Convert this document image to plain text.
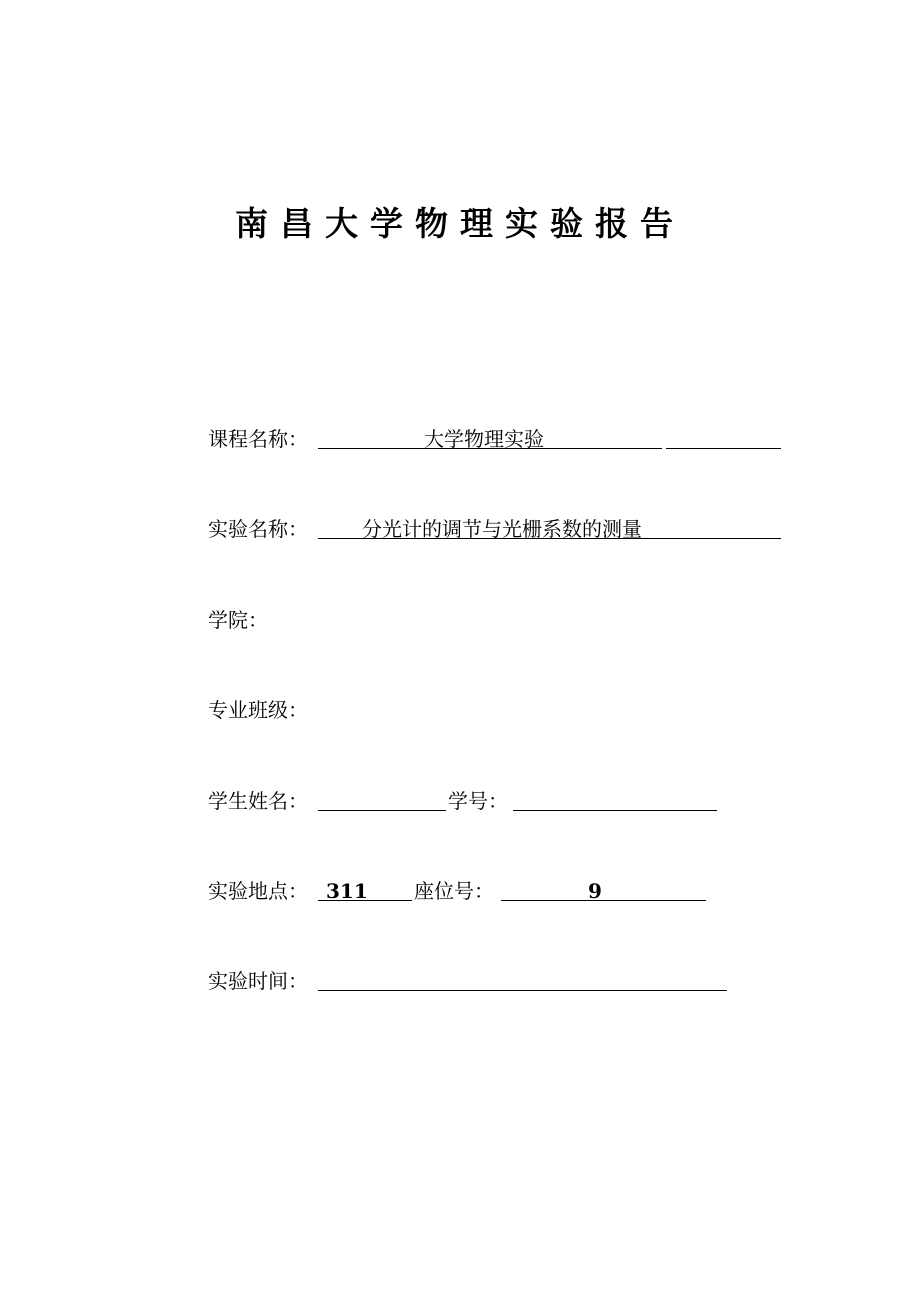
南昌大学物理实验报告
课程名称：	大学物理实验
实验名称：	分光计的调节与光栅系数的测量
学院：
专业班级：
学生姓名：	学号：
实验地点： 311 座位号：	9
实验时间：
